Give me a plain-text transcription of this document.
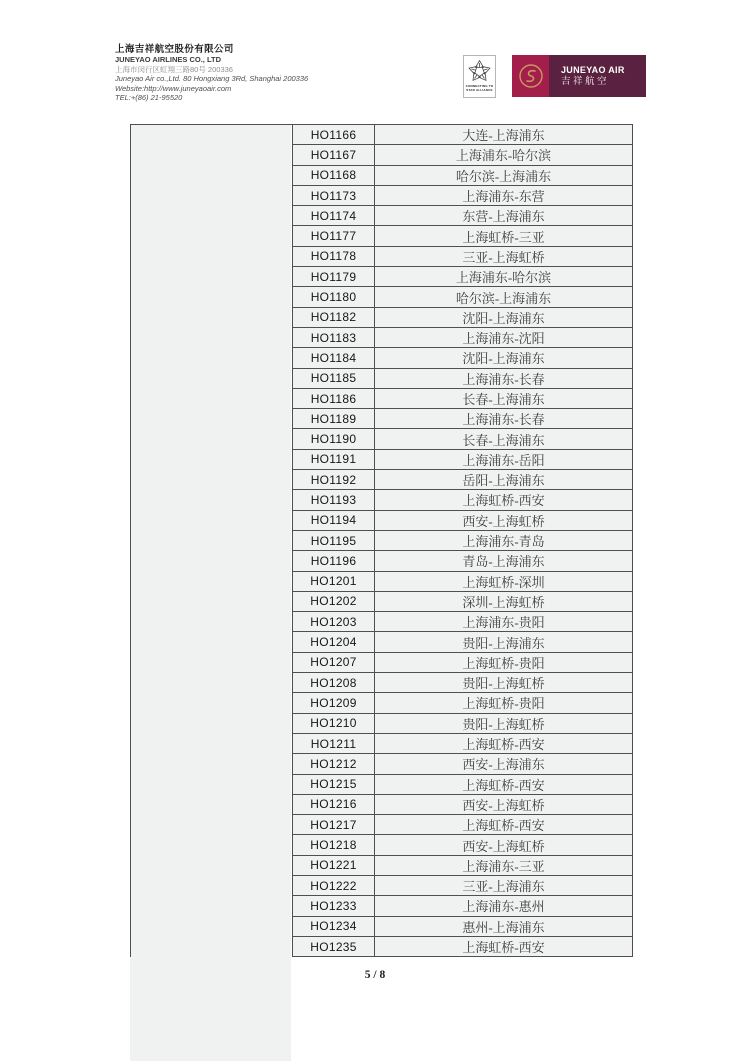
上海吉祥航空股份有限公司
JUNEYAO AIRLINES CO., LTD
上海市闵行区虹翔三路80号 200336
Juneyao Air co.,Ltd. 80 Hongxiang 3Rd, Shanghai 200336
Website:http://www.juneyaoair.com
TEL:+(86) 21-95520
CONNECTING TO
STAR ALLIANCE
JUNEYAO AIR
吉祥航空
HO1166	大连-上海浦东
HO1167	上海浦东-哈尔滨
HO1168	哈尔滨-上海浦东
HO1173	上海浦东-东营
HO1174	东营-上海浦东
HO1177	上海虹桥-三亚
HO1178	三亚-上海虹桥
HO1179	上海浦东-哈尔滨
HO1180	哈尔滨-上海浦东
HO1182	沈阳-上海浦东
HO1183	上海浦东-沈阳
HO1184	沈阳-上海浦东
HO1185	上海浦东-长春
HO1186	长春-上海浦东
HO1189	上海浦东-长春
HO1190	长春-上海浦东
HO1191	上海浦东-岳阳
HO1192	岳阳-上海浦东
HO1193	上海虹桥-西安
HO1194	西安-上海虹桥
HO1195	上海浦东-青岛
HO1196	青岛-上海浦东
HO1201	上海虹桥-深圳
HO1202	深圳-上海虹桥
HO1203	上海浦东-贵阳
HO1204	贵阳-上海浦东
HO1207	上海虹桥-贵阳
HO1208	贵阳-上海虹桥
HO1209	上海虹桥-贵阳
HO1210	贵阳-上海虹桥
HO1211	上海虹桥-西安
HO1212	西安-上海浦东
HO1215	上海虹桥-西安
HO1216	西安-上海虹桥
HO1217	上海虹桥-西安
HO1218	西安-上海虹桥
HO1221	上海浦东-三亚
HO1222	三亚-上海浦东
HO1233	上海浦东-惠州
HO1234	惠州-上海浦东
HO1235	上海虹桥-西安
5 / 8
